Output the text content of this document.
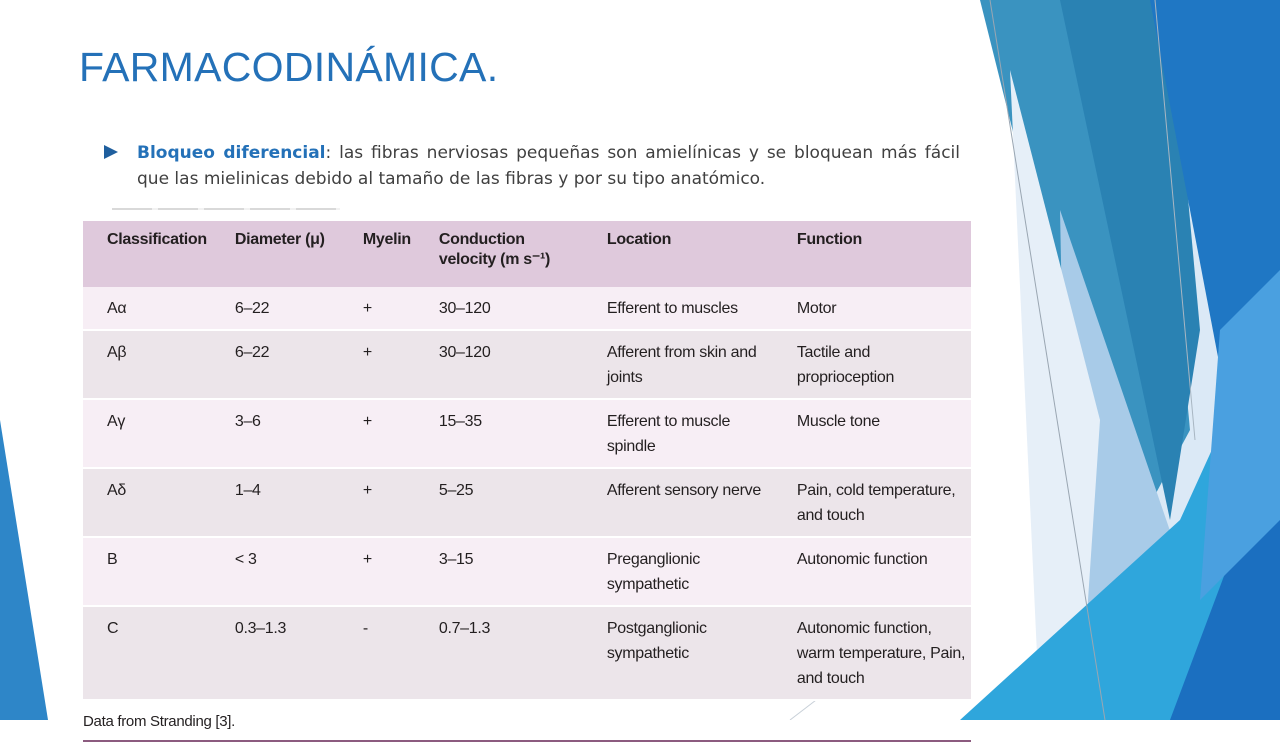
FARMACODINÁMICA.
Bloqueo diferencial: las fibras nerviosas pequeñas son amielínicas y se bloquean más fácil que las mielinicas debido al tamaño de las fibras y por su tipo anatómico.
Classification	Diameter (μ)	Myelin	Conduction velocity (m s⁻¹)	Location	Function
Aα	6–22	+	30–120	Efferent to muscles	Motor
Aβ	6–22	+	30–120	Afferent from skin and joints	Tactile and proprioception
Aγ	3–6	+	15–35	Efferent to muscle spindle	Muscle tone
Aδ	1–4	+	5–25	Afferent sensory nerve	Pain, cold temperature, and touch
B	< 3	+	3–15	Preganglionic sympathetic	Autonomic function
C	0.3–1.3	-	0.7–1.3	Postganglionic sympathetic	Autonomic function, warm temperature, Pain, and touch
Data from Stranding [3].
